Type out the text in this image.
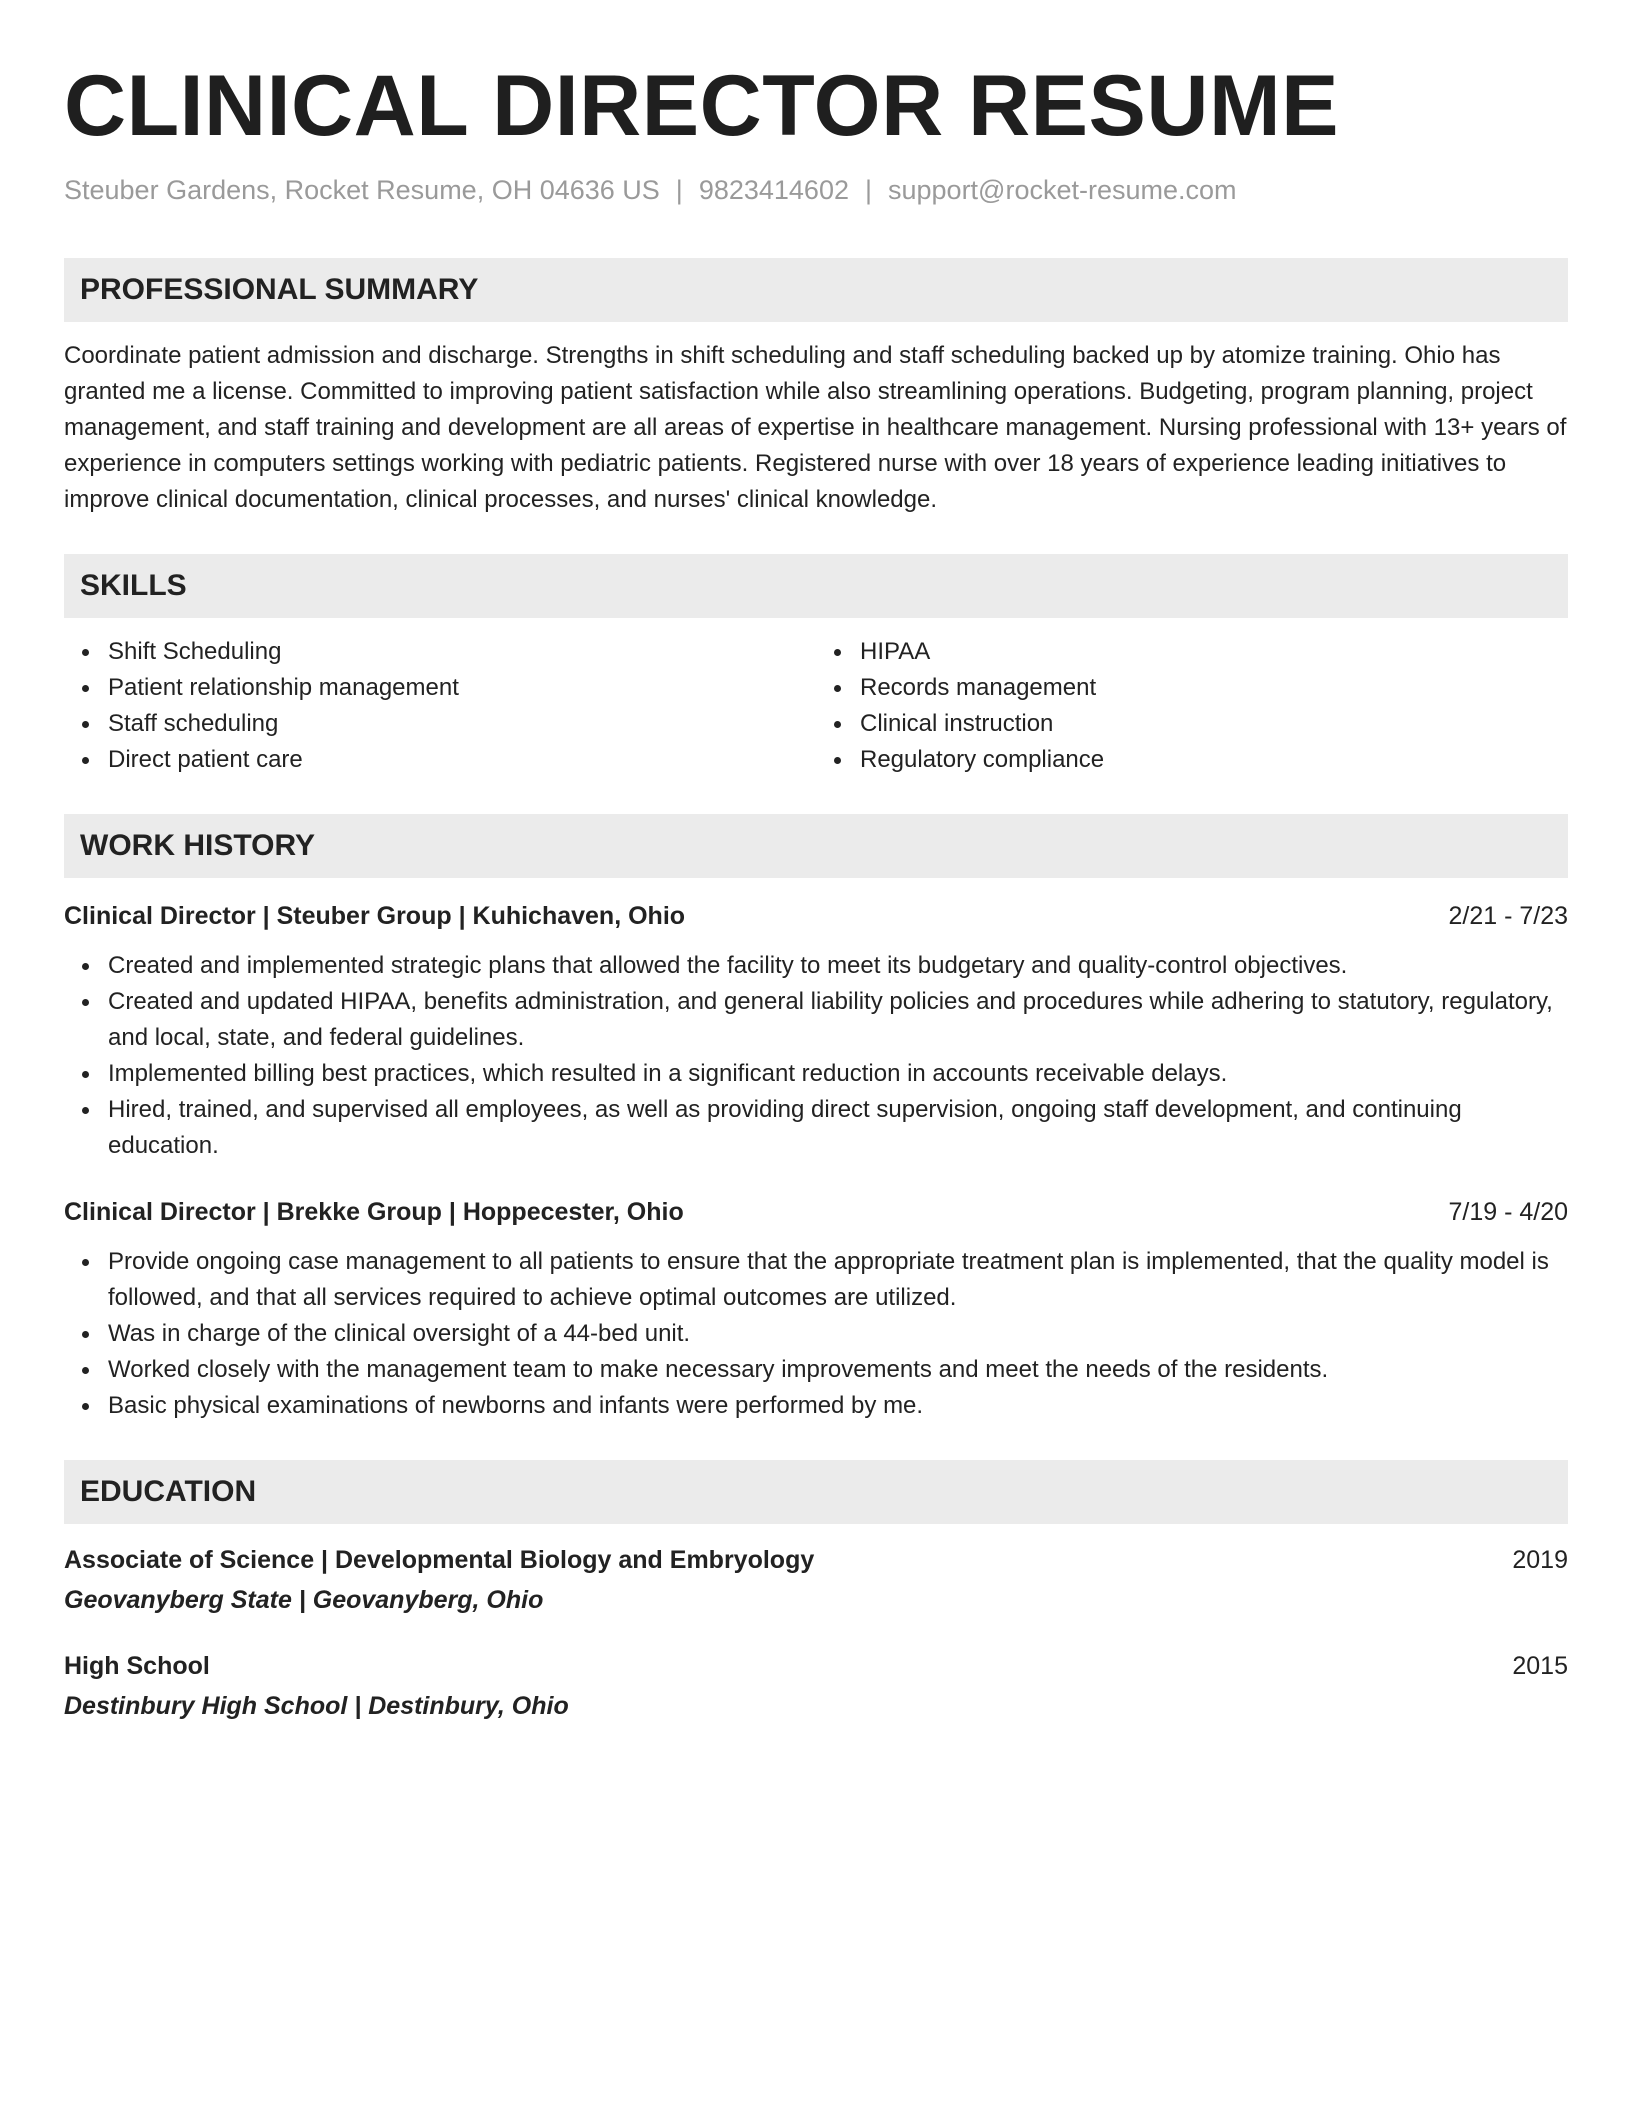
CLINICAL DIRECTOR RESUME
Steuber Gardens, Rocket Resume, OH 04636 US | 9823414602 | support@rocket-resume.com
PROFESSIONAL SUMMARY

Coordinate patient admission and discharge. Strengths in shift scheduling and staff scheduling backed up by atomize training. Ohio has granted me a license. Committed to improving patient satisfaction while also streamlining operations. Budgeting, program planning, project management, and staff training and development are all areas of expertise in healthcare management. Nursing professional with 13+ years of experience in computers settings working with pediatric patients. Registered nurse with over 18 years of experience leading initiatives to improve clinical documentation, clinical processes, and nurses' clinical knowledge.

SKILLS
Shift Scheduling
Patient relationship management
Staff scheduling
Direct patient care
HIPAA
Records management
Clinical instruction
Regulatory compliance
WORK HISTORY
Clinical Director | Steuber Group | Kuhichaven, Ohio	2/21 - 7/23
Created and implemented strategic plans that allowed the facility to meet its budgetary and quality-control objectives.
Created and updated HIPAA, benefits administration, and general liability policies and procedures while adhering to statutory, regulatory, and local, state, and federal guidelines.
Implemented billing best practices, which resulted in a significant reduction in accounts receivable delays.
Hired, trained, and supervised all employees, as well as providing direct supervision, ongoing staff development, and continuing education.
Clinical Director | Brekke Group | Hoppecester, Ohio	7/19 - 4/20
Provide ongoing case management to all patients to ensure that the appropriate treatment plan is implemented, that the quality model is followed, and that all services required to achieve optimal outcomes are utilized.
Was in charge of the clinical oversight of a 44-bed unit.
Worked closely with the management team to make necessary improvements and meet the needs of the residents.
Basic physical examinations of newborns and infants were performed by me.
EDUCATION
Associate of Science | Developmental Biology and Embryology	2019
Geovanyberg State | Geovanyberg, Ohio
High School	2015
Destinbury High School | Destinbury, Ohio
